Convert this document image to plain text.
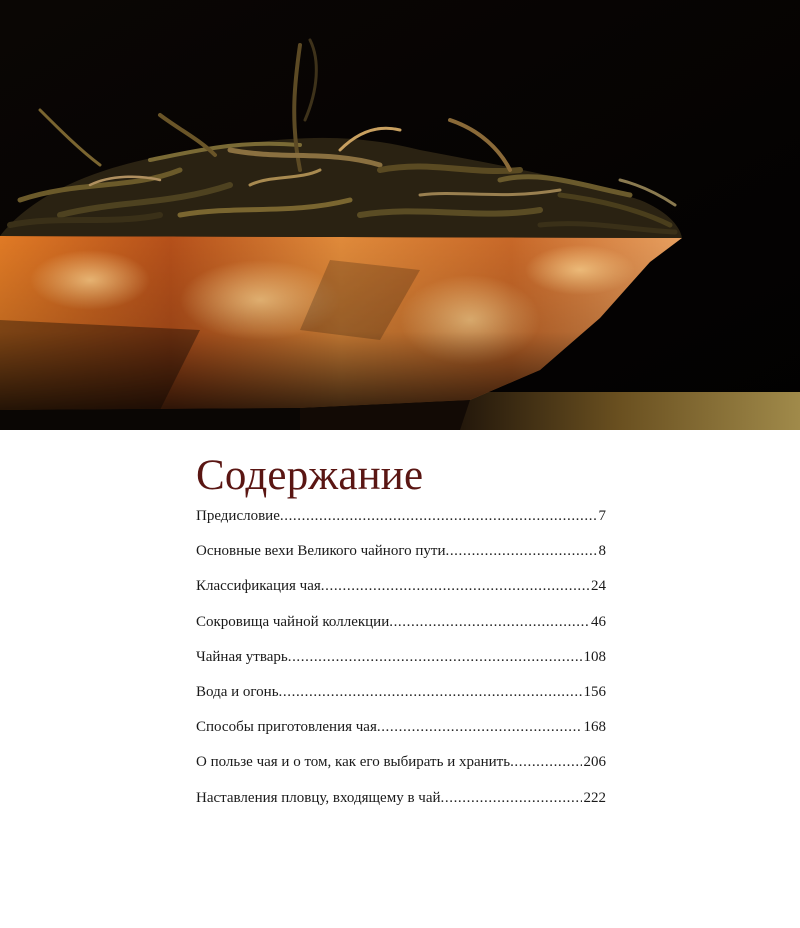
Содержание
Предисловие .....	7
Основные вехи Великого чайного пути .....	8
Классификация чая .....	24
Сокровища чайной коллекции .....	46
Чайная утварь .....	108
Вода и огонь .....	156
Способы приготовления чая .....	168
О пользе чая и о том, как его выбирать и хранить .....	206
Наставления пловцу, входящему в чай .....	222
